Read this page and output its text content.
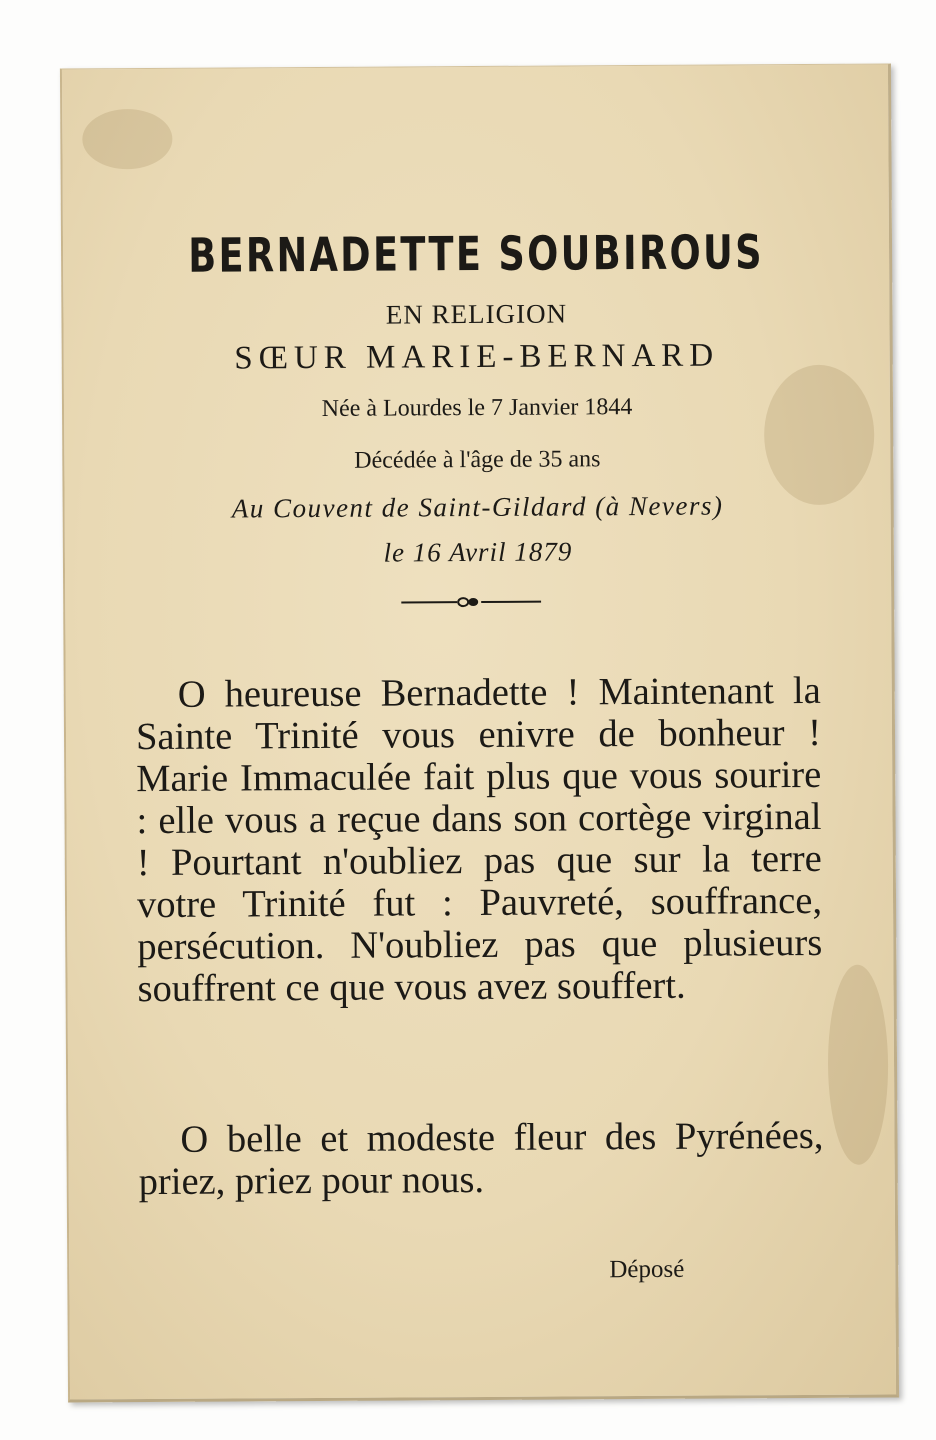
BERNADETTE SOUBIROUS
EN RELIGION
SŒUR MARIE-BERNARD
Née à Lourdes le 7 Janvier 1844
Décédée à l'âge de 35 ans
Au Couvent de Saint-Gildard (à Nevers)
le 16 Avril 1879
O heureuse Bernadette ! Maintenant la Sainte Trinité vous enivre de bonheur ! Marie Immaculée fait plus que vous sourire : elle vous a reçue dans son cortège virginal ! Pourtant n'oubliez pas que sur la terre votre Trinité fut : Pauvreté, souffrance, persécution. N'oubliez pas que plusieurs souffrent ce que vous avez souffert.
O belle et modeste fleur des Pyrénées, priez, priez pour nous.
Déposé
